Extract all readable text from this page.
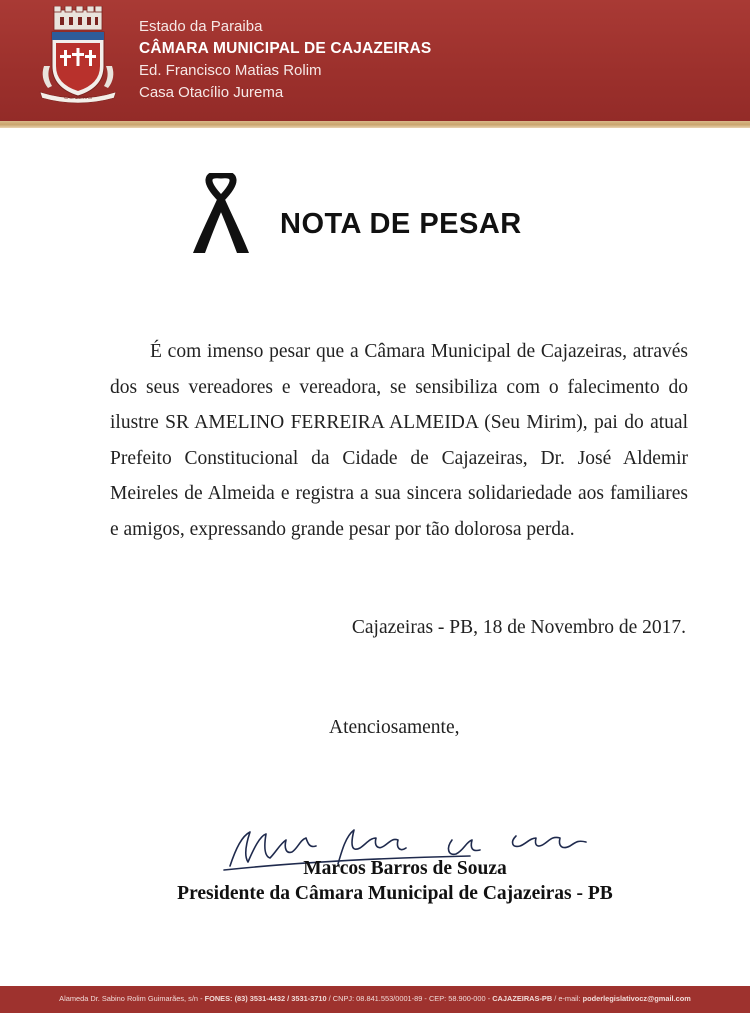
CAJAZEIRAS
Estado da Paraiba
CÂMARA MUNICIPAL DE CAJAZEIRAS
Ed. Francisco Matias Rolim
Casa Otacílio Jurema
NOTA DE PESAR

É com imenso pesar que a Câmara Municipal de Cajazeiras, através dos seus vereadores e vereadora, se sensibiliza com o falecimento do ilustre SR AMELINO FERREIRA ALMEIDA (Seu Mirim), pai do atual Prefeito Constitucional da Cidade de Cajazeiras, Dr. José Aldemir Meireles de Almeida e registra a sua sincera solidariedade aos familiares e amigos, expressando grande pesar por tão dolorosa perda.

Cajazeiras - PB, 18 de Novembro de 2017.
Atenciosamente,
Marcos Barros de Souza
Presidente da Câmara Municipal de Cajazeiras - PB
Alameda Dr. Sabino Rolim Guimarães, s/n - FONES: (83) 3531-4432 / 3531-3710 / CNPJ: 08.841.553/0001-89 - CEP: 58.900-000 - CAJAZEIRAS-PB / e-mail: poderlegislativocz@gmail.com
